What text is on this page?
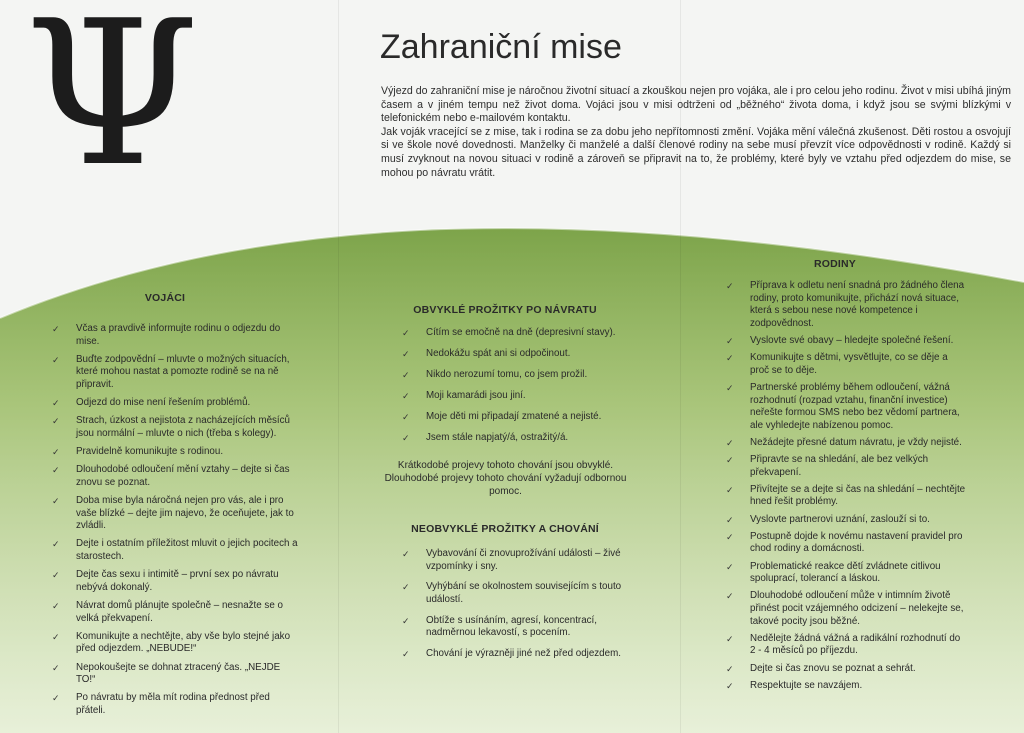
Ψ	Zahraniční mise

Výjezd do zahraniční mise je náročnou životní situací a zkouškou nejen pro vojáka, ale i pro celou jeho rodinu. Život v misi ubíhá jiným časem a v jiném tempu než život doma. Vojáci jsou v misi odtrženi od „běžného“ života doma, i když jsou se svými blízkými v telefonickém nebo e-mailovém kontaktu.

Jak voják vracející se z mise, tak i rodina se za dobu jeho nepřítomnosti změní. Vojáka mění válečná zkušenost. Děti rostou a osvojují si ve škole nové dovednosti. Manželky či manželé a další členové rodiny na sebe musí převzít více odpovědnosti v rodině. Každý si musí zvyknout na novou situaci v rodině a zároveň se připravit na to, že problémy, které byly ve vztahu před odjezdem do mise, se mohou po návratu vrátit.

VOJÁCI
✓ Včas a pravdivě informujte rodinu o odjezdu do mise.
✓ Buďte zodpovědní – mluvte o možných situacích, které mohou nastat a pomozte rodině se na ně připravit.
✓ Odjezd do mise není řešením problémů.
✓ Strach, úzkost a nejistota z nacházejících měsíců jsou normální – mluvte o nich (třeba s kolegy).
✓ Pravidelně komunikujte s rodinou.
✓ Dlouhodobé odloučení mění vztahy – dejte si čas znovu se poznat.
✓ Doba mise byla náročná nejen pro vás, ale i pro vaše blízké – dejte jim najevo, že oceňujete, jak to zvládli.
✓ Dejte i ostatním příležitost mluvit o jejich pocitech a starostech.
✓ Dejte čas sexu i intimitě – první sex po návratu nebývá dokonalý.
✓ Návrat domů plánujte společně – nesnažte se o velká překvapení.
✓ Komunikujte a nechtějte, aby vše bylo stejné jako před odjezdem. „NEBUDE!“
✓ Nepokoušejte se dohnat ztracený čas. „NEJDE TO!“
✓ Po návratu by měla mít rodina přednost před přáteli.
OBVYKLÉ PROŽITKY PO NÁVRATU
✓ Cítím se emočně na dně (depresivní stavy).
✓ Nedokážu spát ani si odpočinout.
✓ Nikdo nerozumí tomu, co jsem prožil.
✓ Moji kamarádi jsou jiní.
✓ Moje děti mi připadají zmatené a nejisté.
✓ Jsem stále napjatý/á, ostražitý/á.

Krátkodobé projevy tohoto chování jsou obvyklé. Dlouhodobé projevy tohoto chování vyžadují odbornou pomoc.

NEOBVYKLÉ PROŽITKY A CHOVÁNÍ
✓ Vybavování či znovuprožívání události – živé vzpomínky i sny.
✓ Vyhýbání se okolnostem souvisejícím s touto událostí.
✓ Obtíže s usínáním, agresí, koncentrací, nadměrnou lekavostí, s pocením.
✓ Chování je výrazněji jiné než před odjezdem.
RODINY
✓ Příprava k odletu není snadná pro žádného člena rodiny, proto komunikujte, přichází nová situace, která s sebou nese nové kompetence i zodpovědnost.
✓ Vyslovte své obavy – hledejte společné řešení.
✓ Komunikujte s dětmi, vysvětlujte, co se děje a proč se to děje.
✓ Partnerské problémy během odloučení, vážná rozhodnutí (rozpad vztahu, finanční investice) neřešte formou SMS nebo bez vědomí partnera, ale vyhledejte nabízenou pomoc.
✓ Nežádejte přesné datum návratu, je vždy nejisté.
✓ Připravte se na shledání, ale bez velkých překvapení.
✓ Přivítejte se a dejte si čas na shledání – nechtějte hned řešit problémy.
✓ Vyslovte partnerovi uznání, zaslouží si to.
✓ Postupně dojde k novému nastavení pravidel pro chod rodiny a domácnosti.
✓ Problematické reakce dětí zvládnete citlivou spoluprací, tolerancí a láskou.
✓ Dlouhodobé odloučení může v intimním životě přinést pocit vzájemného odcizení – nelekejte se, takové pocity jsou běžné.
✓ Nedělejte žádná vážná a radikální rozhodnutí do 2 - 4 měsíců po příjezdu.
✓ Dejte si čas znovu se poznat a sehrát.
✓ Respektujte se navzájem.
